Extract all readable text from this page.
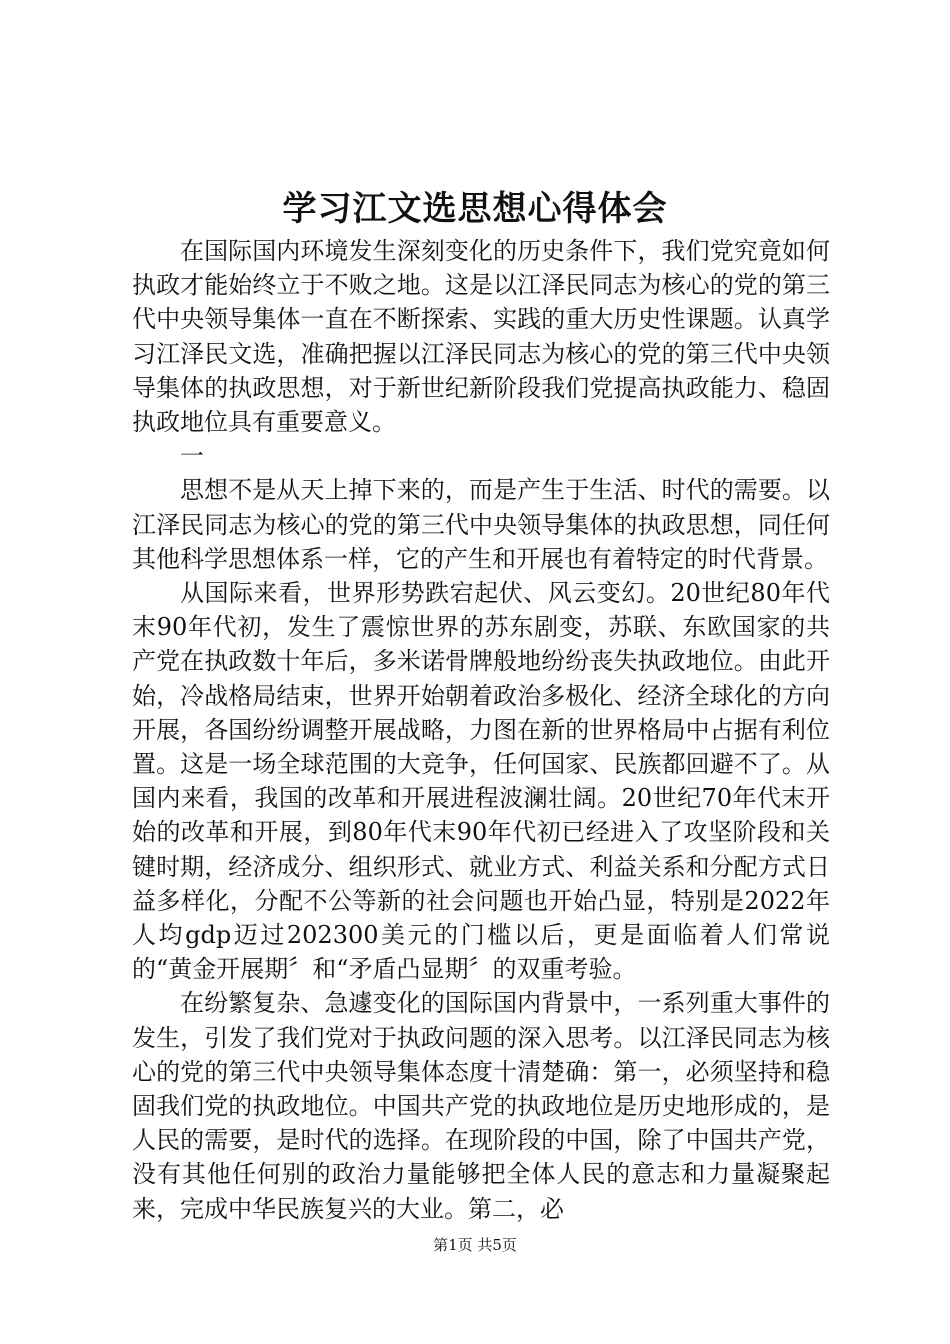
学习江文选思想心得体会

在国际国内环境发生深刻变化的历史条件下，我们党究竟如何执政才能始终立于不败之地。这是以江泽民同志为核心的党的第三代中央领导集体一直在不断探索、实践的重大历史性课题。认真学习江泽民文选，准确把握以江泽民同志为核心的党的第三代中央领导集体的执政思想，对于新世纪新阶段我们党提高执政能力、稳固执政地位具有重要意义。

一

思想不是从天上掉下来的，而是产生于生活、时代的需要。以江泽民同志为核心的党的第三代中央领导集体的执政思想，同任何其他科学思想体系一样，它的产生和开展也有着特定的时代背景。

从国际来看，世界形势跌宕起伏、风云变幻。20世纪80年代末90年代初，发生了震惊世界的苏东剧变，苏联、东欧国家的共产党在执政数十年后，多米诺骨牌般地纷纷丧失执政地位。由此开始，冷战格局结束，世界开始朝着政治多极化、经济全球化的方向开展，各国纷纷调整开展战略，力图在新的世界格局中占据有利位置。这是一场全球范围的大竞争，任何国家、民族都回避不了。从国内来看，我国的改革和开展进程波澜壮阔。20世纪70年代末开始的改革和开展，到80年代末90年代初已经进入了攻坚阶段和关键时期，经济成分、组织形式、就业方式、利益关系和分配方式日益多样化，分配不公等新的社会问题也开始凸显，特别是2022年人均gdp迈过202300美元的门槛以后，更是面临着人们常说的“黄金开展期〞和“矛盾凸显期〞的双重考验。

在纷繁复杂、急遽变化的国际国内背景中，一系列重大事件的发生，引发了我们党对于执政问题的深入思考。以江泽民同志为核心的党的第三代中央领导集体态度十清楚确：第一，必须坚持和稳固我们党的执政地位。中国共产党的执政地位是历史地形成的，是人民的需要，是时代的选择。在现阶段的中国，除了中国共产党，没有其他任何别的政治力量能够把全体人民的意志和力量凝聚起来，完成中华民族复兴的大业。第二，必

第1页 共5页
